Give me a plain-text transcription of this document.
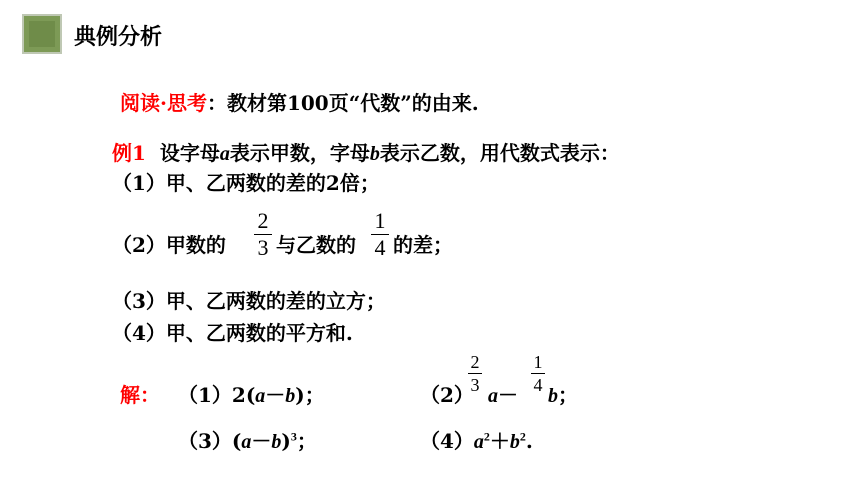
典例分析
阅读·思考：教材第100页“代数”的由来.
例1 设字母a表示甲数，字母b表示乙数，用代数式表示：
（1）甲、乙两数的差的2倍；
（2）甲数的
2
3 与乙数的
1
4 的差；
（3）甲、乙两数的差的立方；
（4）甲、乙两数的平方和.
解： （1）2(a－b)；	（2）
2
3 a－
1
4 b；
$(3)(a-b)^3$；	$(4)a^2+b^2$.
